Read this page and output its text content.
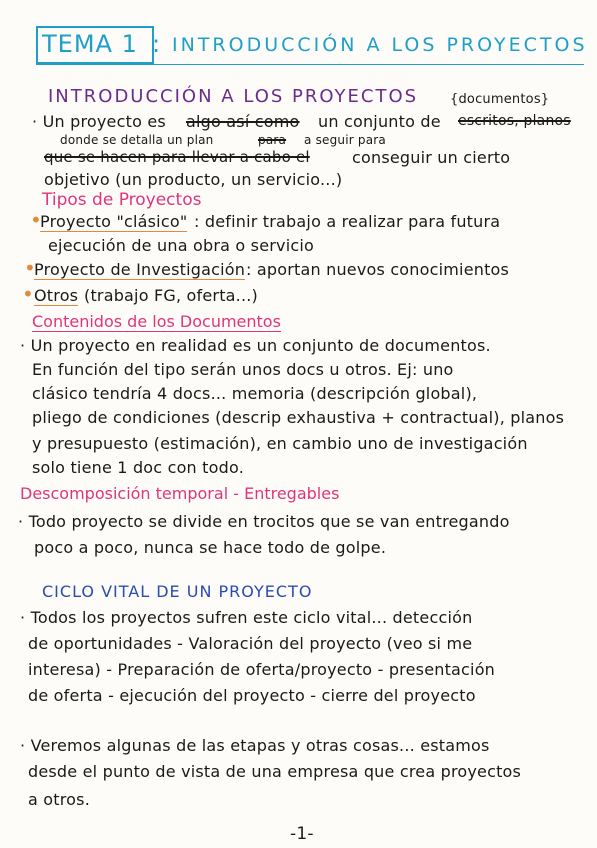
TEMA 1 : INTRODUCCIÓN A LOS PROYECTOS
INTRODUCCIÓN A LOS PROYECTOS {documentos}
· Un proyecto es algo así como un conjunto de escritos, planos
donde se detalla un plan	para a seguir para
que se hacen para llevar a cabo el	conseguir un cierto
objetivo (un producto, un servicio...)
Tipos de Proyectos
•
Proyecto "clásico" : definir trabajo a realizar para futura
ejecución de una obra o servicio
•
Proyecto de Investigación : aportan nuevos conocimientos
• Otros (trabajo FG, oferta...)
Contenidos de los Documentos
· Un proyecto en realidad es un conjunto de documentos.
En función del tipo serán unos docs u otros. Ej: uno
clásico tendría 4 docs... memoria (descripción global),
pliego de condiciones (descrip exhaustiva + contractual), planos
y presupuesto (estimación), en cambio uno de investigación
solo tiene 1 doc con todo.
Descomposición temporal - Entregables
· Todo proyecto se divide en trocitos que se van entregando
poco a poco, nunca se hace todo de golpe.
CICLO VITAL DE UN PROYECTO
· Todos los proyectos sufren este ciclo vital... detección
de oportunidades - Valoración del proyecto (veo si me
interesa) - Preparación de oferta/proyecto - presentación
de oferta - ejecución del proyecto - cierre del proyecto
· Veremos algunas de las etapas y otras cosas... estamos
desde el punto de vista de una empresa que crea proyectos
a otros.
-1-
